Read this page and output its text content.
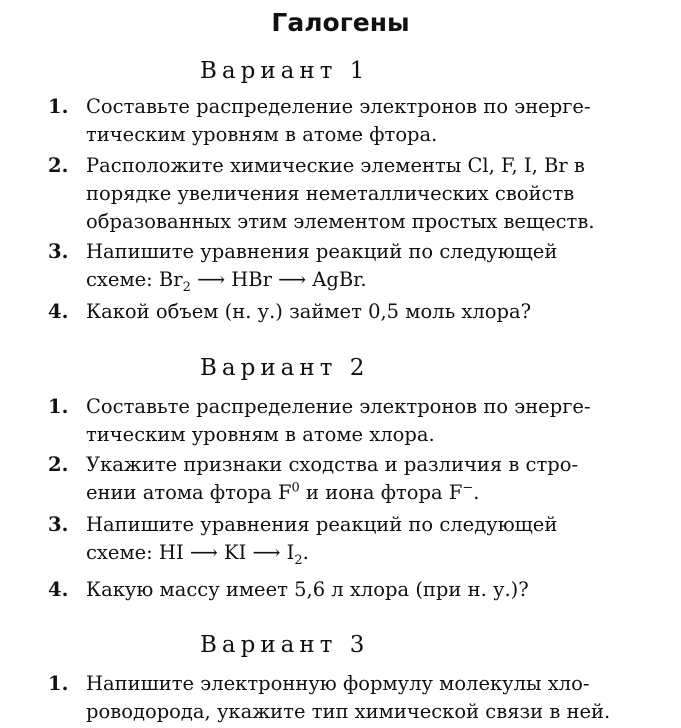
Галогены
Вариант 1
1. Составьте распределение электронов по энерге-
тическим уровням в атоме фтора.
2. Расположите химические элементы Cl, F, I, Br в
порядке увеличения неметаллических свойств
образованных этим элементом простых веществ.
3. Напишите уравнения реакций по следующей
схеме: $Br_2$ ⟶ HBr ⟶ AgBr.
4. Какой объем (н. у.) займет 0,5 моль хлора?
Вариант 2
1. Составьте распределение электронов по энерге-
тическим уровням в атоме хлора.
2. Укажите признаки сходства и различия в стро-
ении атома фтора $F^0$ и иона фтора F−.
3. Напишите уравнения реакций по следующей
схеме: HI ⟶ KI ⟶ $I_2$.
4. Какую массу имеет 5,6 л хлора (при н. у.)?
Вариант 3
1. Напишите электронную формулу молекулы хло-
роводорода, укажите тип химической связи в ней.
